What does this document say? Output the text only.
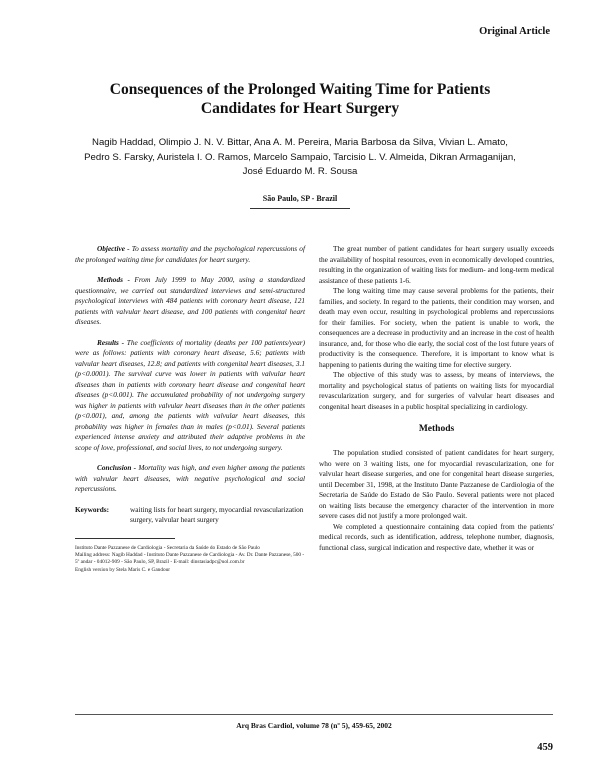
Original Article
Consequences of the Prolonged Waiting Time for Patients
Candidates for Heart Surgery
Nagib Haddad, Olimpio J. N. V. Bittar, Ana A. M. Pereira, Maria Barbosa da Silva, Vivian L. Amato,
Pedro S. Farsky, Auristela I. O. Ramos, Marcelo Sampaio, Tarcisio L. V. Almeida, Dikran Armaganijan,
José Eduardo M. R. Sousa
São Paulo, SP - Brazil

Objective - To assess mortality and the psychological repercussions of the prolonged waiting time for candidates for heart surgery.

Methods - From July 1999 to May 2000, using a standardized questionnaire, we carried out standardized interviews and semi-structured psychological interviews with 484 patients with coronary heart disease, 121 patients with valvular heart disease, and 100 patients with congenital heart diseases.

Results - The coefficients of mortality (deaths per 100 patients/year) were as follows: patients with coronary heart disease, 5.6; patients with valvular heart diseases, 12.8; and patients with congenital heart diseases, 3.1 (p<0.0001). The survival curve was lower in patients with valvular heart diseases than in patients with coronary heart disease and congenital heart diseases (p<0.001). The accumulated probability of not undergoing surgery was higher in patients with valvular heart diseases than in the other patients (p<0.001), and, among the patients with valvular heart diseases, this probability was higher in females than in males (p<0.01). Several patients experienced intense anxiety and attributed their adaptive problems in the scope of love, professional, and social lives, to not undergoing surgery.

Conclusion - Mortality was high, and even higher among the patients with valvular heart diseases, with negative psychological and social repercussions.

Keywords:	waiting lists for heart surgery, myocardial revascularization surgery, valvular heart surgery
Instituto Dante Pazzanese de Cardiologia - Secretaria da Saúde do Estado de São Paulo
Mailing address: Nagib Haddad - Instituto Dante Pazzanese de Cardiologia - Av. Dr. Dante Pazzanese, 500 - 5º andar - 04012-909 - São Paulo, SP, Brazil - E-mail: dinstasiadpc@uol.com.br
English version by Stela Maris C. e Gandour

The great number of patient candidates for heart surgery usually exceeds the availability of hospital resources, even in economically developed countries, resulting in the organization of waiting lists for medium- and long-term medical assistance of these patients 1-6.

The long waiting time may cause several problems for the patients, their families, and society. In regard to the patients, their condition may worsen, and death may even occur, resulting in psychological problems and repercussions for their families. For society, when the patient is unable to work, the consequences are a decrease in productivity and an increase in the cost of health insurance, and, for those who die early, the social cost of the lost future years of productivity is the consequence. Therefore, it is important to know what is happening to patients during the waiting time for elective surgery.

The objective of this study was to assess, by means of interviews, the mortality and psychological status of patients on waiting lists for myocardial revascularization surgery, and for surgeries of valvular heart diseases and congenital heart diseases in a public hospital specializing in cardiology.

Methods

The population studied consisted of patient candidates for heart surgery, who were on 3 waiting lists, one for myocardial revascularization, one for valvular heart disease surgeries, and one for congenital heart disease surgeries, until December 31, 1998, at the Instituto Dante Pazzanese de Cardiologia of the Secretaria de Saúde do Estado de São Paulo. Several patients were not placed on waiting lists because the emergency character of the intervention in more severe cases did not justify a more prolonged wait.

We completed a questionnaire containing data copied from the patients' medical records, such as identification, address, telephone number, diagnosis, functional class, surgical indication and respective date, whether it was or

Arq Bras Cardiol, volume 78 (nº 5), 459-65, 2002
459
